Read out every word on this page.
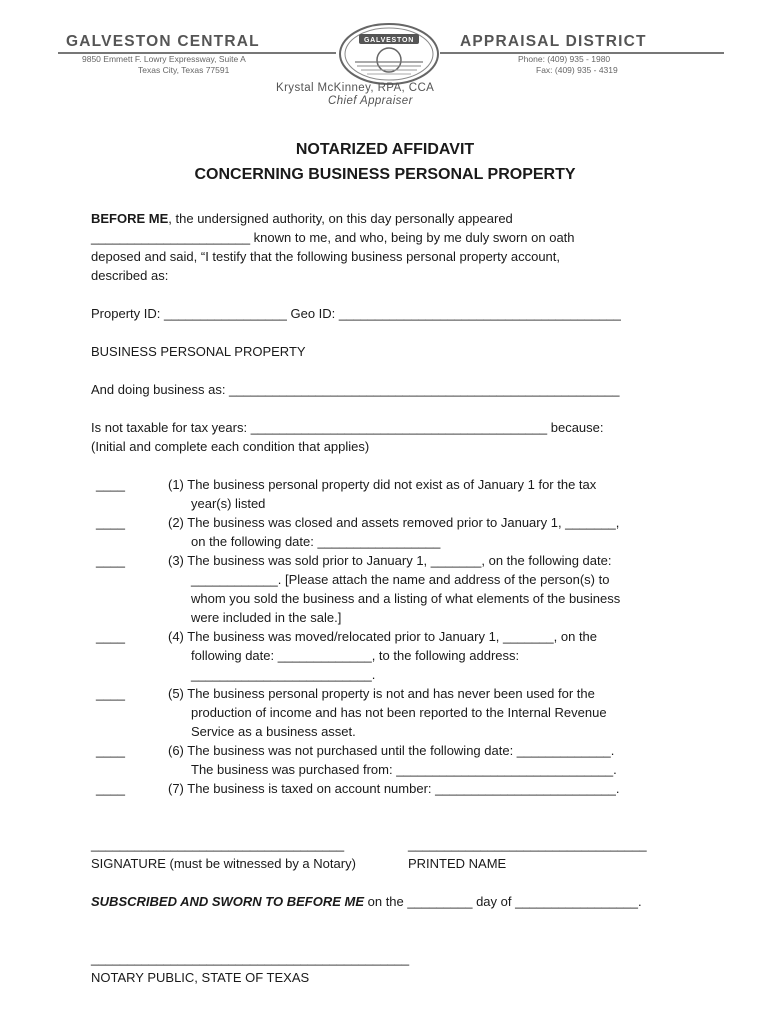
GALVESTON CENTRAL	APPRAISAL DISTRICT
9850 Emmett F. Lowry Expressway, Suite A
Texas City, Texas 77591
Phone: (409) 935 - 1980
Fax: (409) 935 - 4319
GALVESTON
Krystal McKinney, RPA, CCA
Chief Appraiser
NOTARIZED AFFIDAVIT
CONCERNING BUSINESS PERSONAL PROPERTY
BEFORE ME, the undersigned authority, on this day personally appeared
______________________ known to me, and who, being by me duly sworn on oath
deposed and said, “I testify that the following business personal property account,
described as:
Property ID: _________________ Geo ID: _______________________________________
BUSINESS PERSONAL PROPERTY
And doing business as: ______________________________________________________
Is not taxable for tax years: _________________________________________ because:
(Initial and complete each condition that applies)
____	(1) The business personal property did not exist as of January 1 for the tax
year(s) listed
____	(2) The business was closed and assets removed prior to January 1, _______,
on the following date: _________________
____	(3) The business was sold prior to January 1, _______, on the following date:
____________. [Please attach the name and address of the person(s) to
whom you sold the business and a listing of what elements of the business
were included in the sale.]
____	(4) The business was moved/relocated prior to January 1, _______, on the
following date: _____________, to the following address:
_________________________.
____	(5) The business personal property is not and has never been used for the
production of income and has not been reported to the Internal Revenue
Service as a business asset.
____	(6) The business was not purchased until the following date: _____________.
The business was purchased from: ______________________________.
____	(7) The business is taxed on account number: _________________________.
___________________________________	_________________________________
SIGNATURE (must be witnessed by a Notary)	PRINTED NAME
SUBSCRIBED AND SWORN TO BEFORE ME on the _________ day of _________________.
____________________________________________
NOTARY PUBLIC, STATE OF TEXAS
